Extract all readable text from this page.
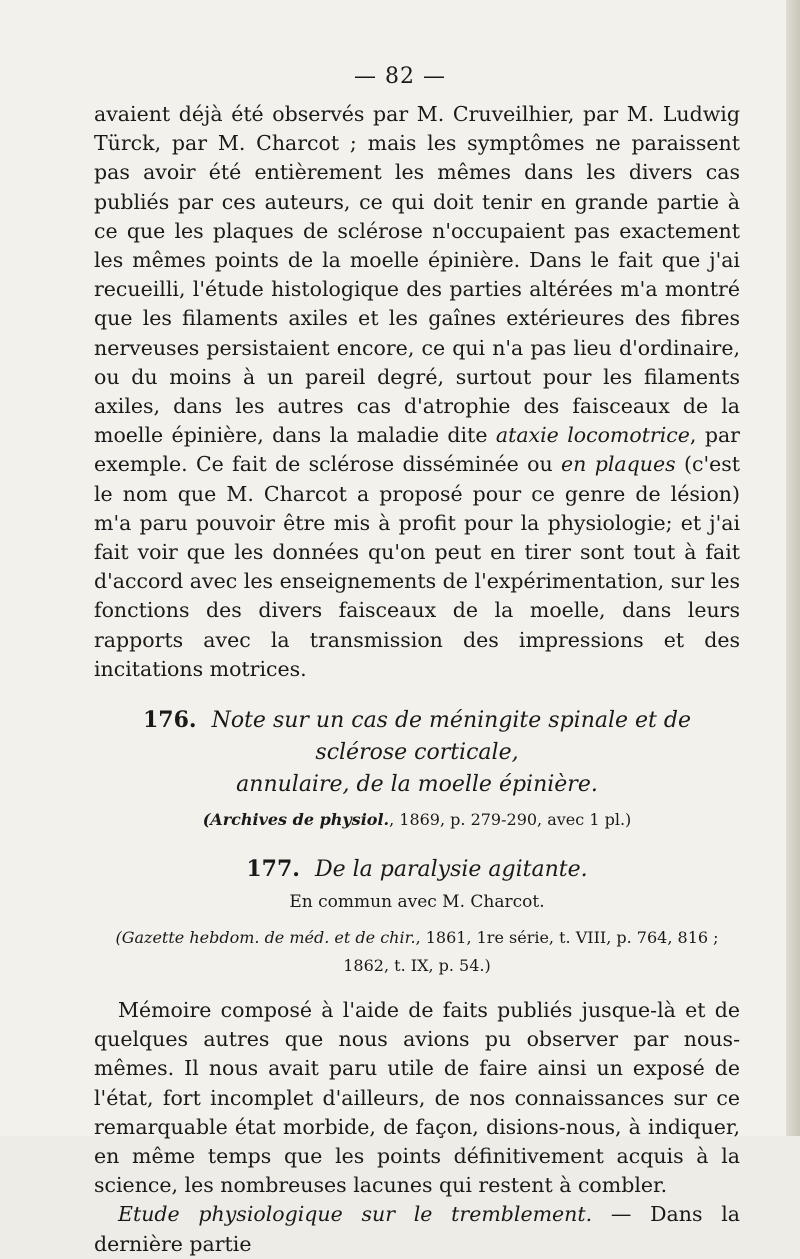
— 82 —

avaient déjà été observés par M. Cruveilhier, par M. Ludwig Türck, par M. Charcot ; mais les symptômes ne paraissent pas avoir été entièrement les mêmes dans les divers cas publiés par ces auteurs, ce qui doit tenir en grande partie à ce que les plaques de sclérose n'occupaient pas exactement les mêmes points de la moelle épinière. Dans le fait que j'ai recueilli, l'étude histologique des parties altérées m'a montré que les filaments axiles et les gaînes extérieures des fibres nerveuses persistaient encore, ce qui n'a pas lieu d'ordinaire, ou du moins à un pareil degré, surtout pour les filaments axiles, dans les autres cas d'atrophie des faisceaux de la moelle épinière, dans la maladie dite ataxie locomotrice, par exemple. Ce fait de sclérose disséminée ou en plaques (c'est le nom que M. Charcot a proposé pour ce genre de lésion) m'a paru pouvoir être mis à profit pour la physiologie; et j'ai fait voir que les données qu'on peut en tirer sont tout à fait d'accord avec les enseignements de l'expérimentation, sur les fonctions des divers faisceaux de la moelle, dans leurs rapports avec la transmission des impressions et des incitations motrices.

176. Note sur un cas de méningite spinale et de sclérose corticale,
annulaire, de la moelle épinière.
(Archives de physiol., 1869, p. 279-290, avec 1 pl.)
177. De la paralysie agitante.
En commun avec M. Charcot.
(Gazette hebdom. de méd. et de chir., 1861, 1re série, t. VIII, p. 764, 816 ;
1862, t. IX, p. 54.)

Mémoire composé à l'aide de faits publiés jusque-là et de quelques autres que nous avions pu observer par nous-mêmes. Il nous avait paru utile de faire ainsi un exposé de l'état, fort incomplet d'ailleurs, de nos connaissances sur ce remarquable état morbide, de façon, disions-nous, à indiquer, en même temps que les points définitivement acquis à la science, les nombreuses lacunes qui restent à combler.

Etude physiologique sur le tremblement. — Dans la dernière partie
